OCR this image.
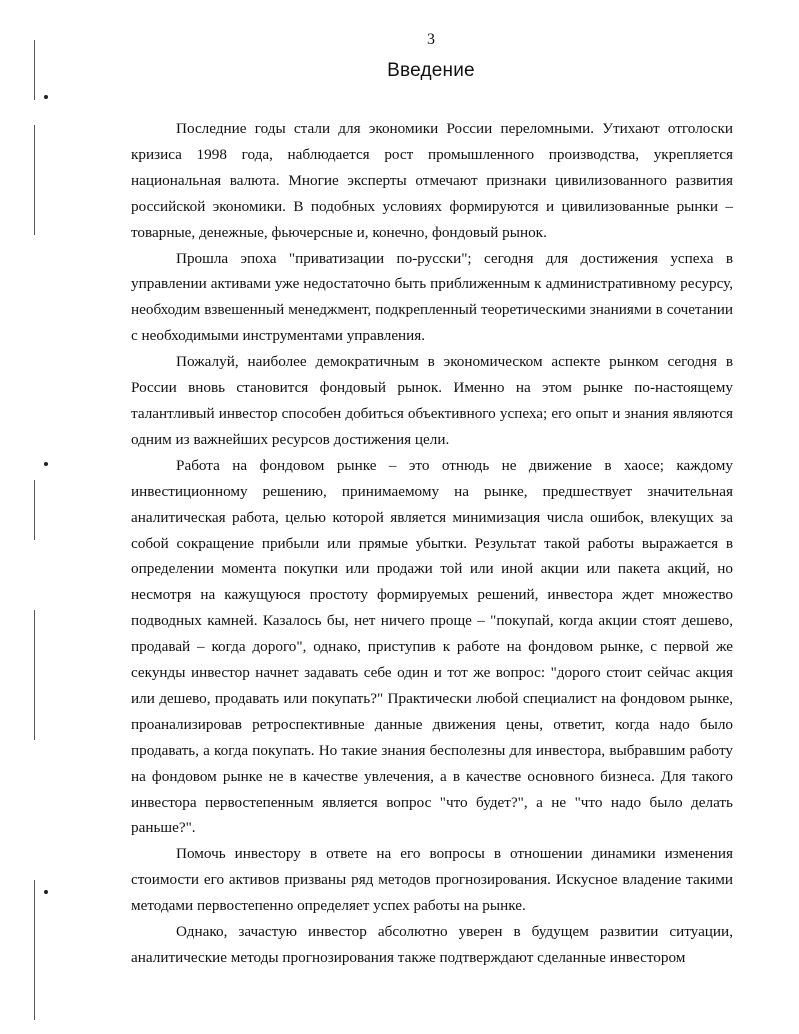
3
Введение

Последние годы стали для экономики России переломными. Утихают отголоски кризиса 1998 года, наблюдается рост промышленного производства, укрепляется национальная валюта. Многие эксперты отмечают признаки цивилизованного развития российской экономики. В подобных условиях формируются и цивилизованные рынки – товарные, денежные, фьючерсные и, конечно, фондовый рынок.

Прошла эпоха "приватизации по-русски"; сегодня для достижения успеха в управлении активами уже недостаточно быть приближенным к административному ресурсу, необходим взвешенный менеджмент, подкрепленный теоретическими знаниями в сочетании с необходимыми инструментами управления.

Пожалуй, наиболее демократичным в экономическом аспекте рынком сегодня в России вновь становится фондовый рынок. Именно на этом рынке по-настоящему талантливый инвестор способен добиться объективного успеха; его опыт и знания являются одним из важнейших ресурсов достижения цели.

Работа на фондовом рынке – это отнюдь не движение в хаосе; каждому инвестиционному решению, принимаемому на рынке, предшествует значительная аналитическая работа, целью которой является минимизация числа ошибок, влекущих за собой сокращение прибыли или прямые убытки. Результат такой работы выражается в определении момента покупки или продажи той или иной акции или пакета акций, но несмотря на кажущуюся простоту формируемых решений, инвестора ждет множество подводных камней. Казалось бы, нет ничего проще – "покупай, когда акции стоят дешево, продавай – когда дорого", однако, приступив к работе на фондовом рынке, с первой же секунды инвестор начнет задавать себе один и тот же вопрос: "дорого стоит сейчас акция или дешево, продавать или покупать?" Практически любой специалист на фондовом рынке, проанализировав ретроспективные данные движения цены, ответит, когда надо было продавать, а когда покупать. Но такие знания бесполезны для инвестора, выбравшим работу на фондовом рынке не в качестве увлечения, а в качестве основного бизнеса. Для такого инвестора первостепенным является вопрос "что будет?", а не "что надо было делать раньше?".

Помочь инвестору в ответе на его вопросы в отношении динамики изменения стоимости его активов призваны ряд методов прогнозирования. Искусное владение такими методами первостепенно определяет успех работы на рынке.

Однако, зачастую инвестор абсолютно уверен в будущем развитии ситуации, аналитические методы прогнозирования также подтверждают сделанные инвестором
